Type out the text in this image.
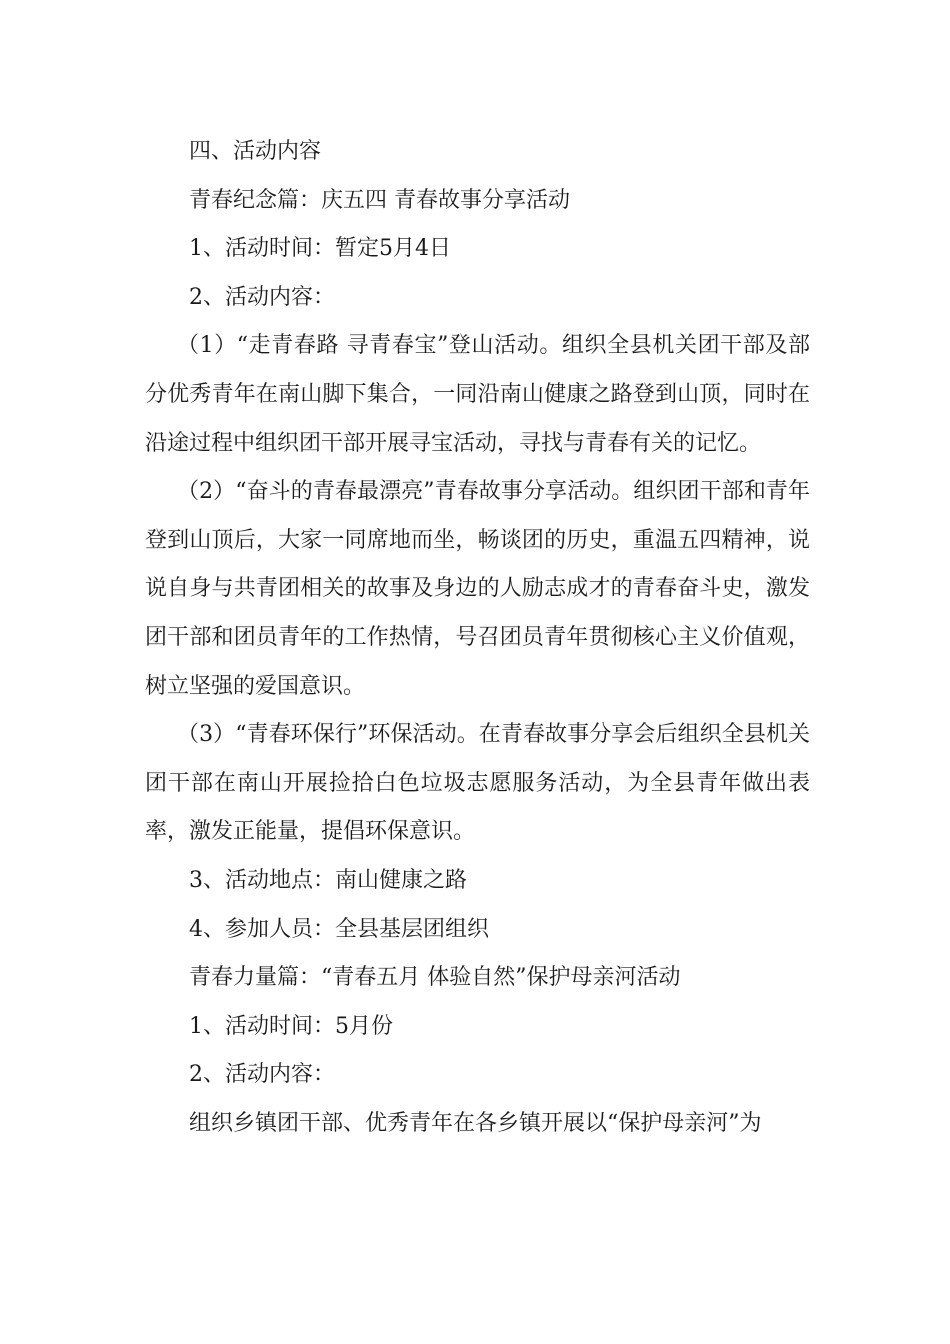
四、活动内容

青春纪念篇：庆五四 青春故事分享活动

1、活动时间：暂定5月4日

2、活动内容：

（1）“走青春路 寻青春宝”登山活动。组织全县机关团干部及部分优秀青年在南山脚下集合，一同沿南山健康之路登到山顶，同时在沿途过程中组织团干部开展寻宝活动，寻找与青春有关的记忆。

（2）“奋斗的青春最漂亮”青春故事分享活动。组织团干部和青年登到山顶后，大家一同席地而坐，畅谈团的历史，重温五四精神，说说自身与共青团相关的故事及身边的人励志成才的青春奋斗史，激发团干部和团员青年的工作热情，号召团员青年贯彻核心主义价值观，树立坚强的爱国意识。

（3）“青春环保行”环保活动。在青春故事分享会后组织全县机关团干部在南山开展捡拾白色垃圾志愿服务活动，为全县青年做出表率，激发正能量，提倡环保意识。

3、活动地点：南山健康之路

4、参加人员：全县基层团组织

青春力量篇：“青春五月 体验自然”保护母亲河活动

1、活动时间：5月份

2、活动内容：

组织乡镇团干部、优秀青年在各乡镇开展以“保护母亲河”为
